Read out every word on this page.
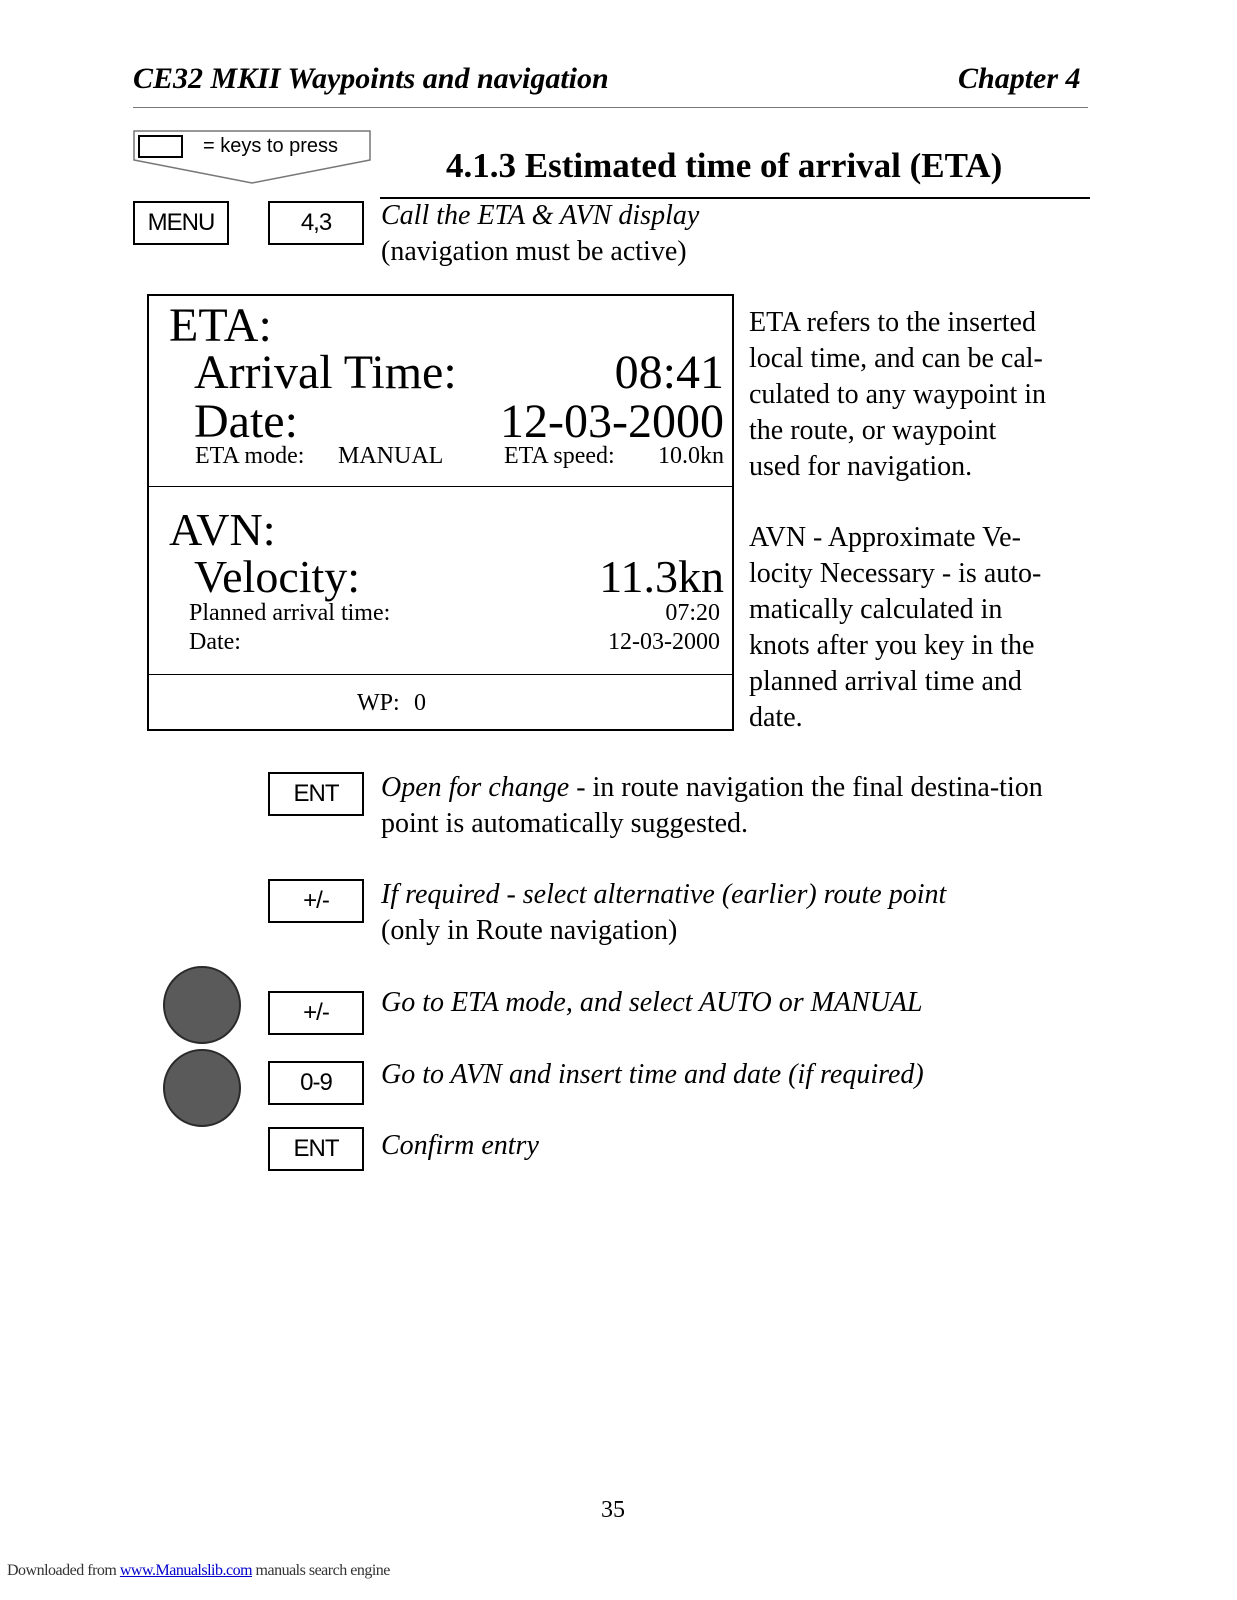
CE32 MKII Waypoints and navigation	Chapter 4
= keys to press	4.1.3 Estimated time of arrival (ETA)
MENU	4,3	Call the ETA & AVN display
(navigation must be active)
ETA:
Arrival Time:	08:41
Date:	12-03-2000
ETA mode: MANUAL	ETA speed: 10.0kn
AVN:
Velocity:	11.3kn
Planned arrival time:	07:20
Date:	12-03-2000
WP: 0
ETA refers to the inserted
local time, and can be cal-
culated to any waypoint in
the route, or waypoint
used for navigation.
AVN - Approximate Ve-
locity Necessary - is auto-
matically calculated in
knots after you key in the
planned arrival time and
date.
ENT	Open for change - in route navigation the final destina-tion point is automatically suggested.
+/-	If required - select alternative (earlier) route point
(only in Route navigation)
+/-	Go to ETA mode, and select AUTO or MANUAL
0-9	Go to AVN and insert time and date (if required)
ENT	Confirm entry
35
Downloaded from www.Manualslib.com manuals search engine
